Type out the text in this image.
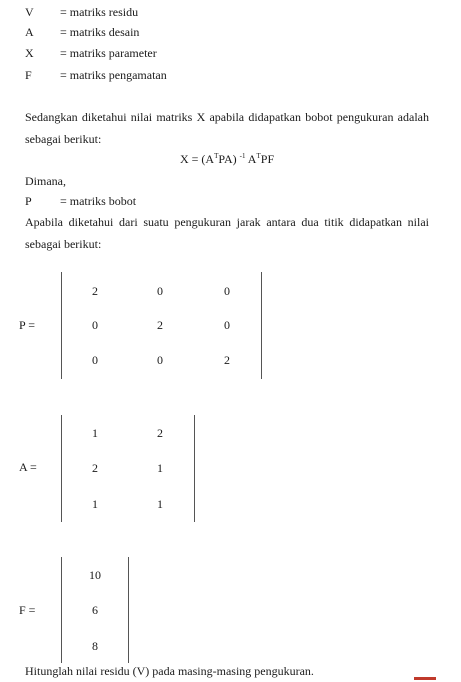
V = matriks residu
A = matriks desain
X = matriks parameter
F = matriks pengamatan
Sedangkan diketahui nilai matriks X apabila didapatkan bobot pengukuran adalah
sebagai berikut:
$X = (A^TPA)$ $^{-1}$ $A^TPF$
Dimana,
P = matriks bobot
Apabila diketahui dari suatu pengukuran jarak antara dua titik didapatkan nilai
sebagai berikut:
P =
2	0	0
0	2	0
0	0	2
A =
1	2
2	1
1	1
F =
10
6
8
Hitunglah nilai residu (V) pada masing-masing pengukuran.
